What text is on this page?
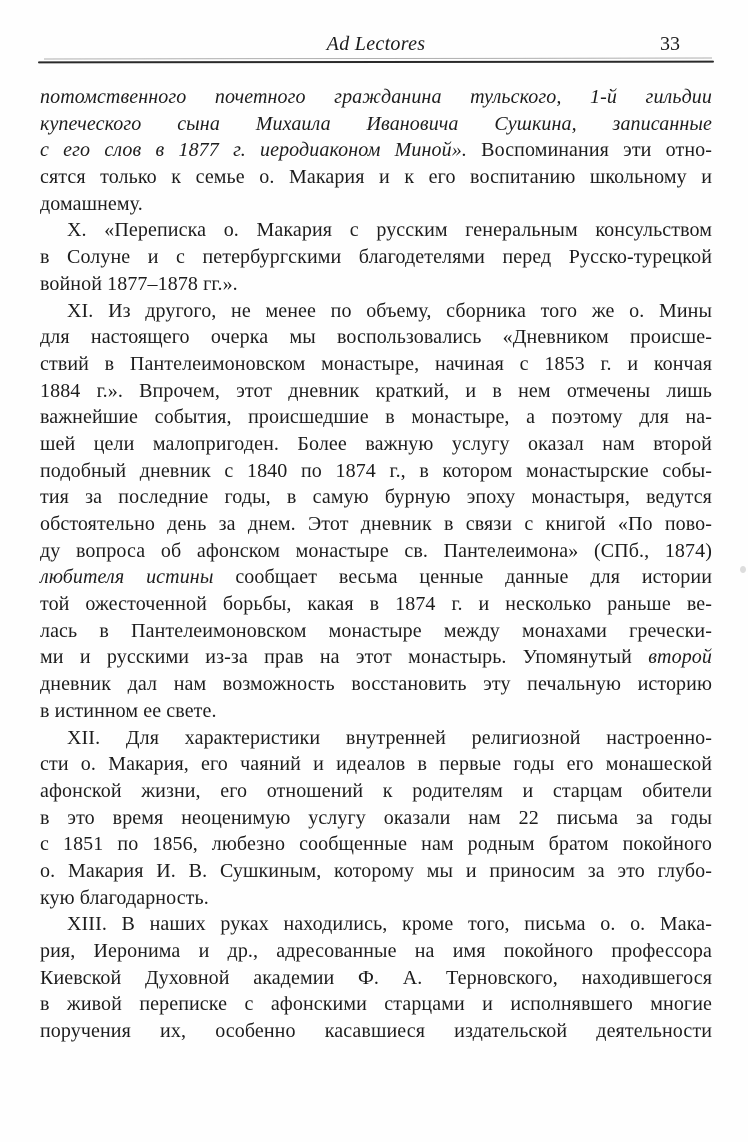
Ad Lectores	33
потомственного почетного гражданина тульского, 1-й гильдии
купеческого сына Михаила Ивановича Сушкина, записанные
с его слов в 1877 г. иеродиаконом Миной». Воспоминания эти отно-
сятся только к семье о. Макария и к его воспитанию школьному и
домашнему.
X. «Переписка о. Макария с русским генеральным консульством
в Солуне и с петербургскими благодетелями перед Русско-турецкой
войной 1877–1878 гг.».
XI. Из другого, не менее по объему, сборника того же о. Мины
для настоящего очерка мы воспользовались «Дневником происше-
ствий в Пантелеимоновском монастыре, начиная с 1853 г. и кончая
1884 г.». Впрочем, этот дневник краткий, и в нем отмечены лишь
важнейшие события, происшедшие в монастыре, а поэтому для на-
шей цели малопригоден. Более важную услугу оказал нам второй
подобный дневник с 1840 по 1874 г., в котором монастырские собы-
тия за последние годы, в самую бурную эпоху монастыря, ведутся
обстоятельно день за днем. Этот дневник в связи с книгой «По пово-
ду вопроса об афонском монастыре св. Пантелеимона» (СПб., 1874)
любителя истины сообщает весьма ценные данные для истории
той ожесточенной борьбы, какая в 1874 г. и несколько раньше ве-
лась в Пантелеимоновском монастыре между монахами гречески-
ми и русскими из-за прав на этот монастырь. Упомянутый второй
дневник дал нам возможность восстановить эту печальную историю
в истинном ее свете.
XII. Для характеристики внутренней религиозной настроенно-
сти о. Макария, его чаяний и идеалов в первые годы его монашеской
афонской жизни, его отношений к родителям и старцам обители
в это время неоценимую услугу оказали нам 22 письма за годы
с 1851 по 1856, любезно сообщенные нам родным братом покойного
о. Макария И. В. Сушкиным, которому мы и приносим за это глубо-
кую благодарность.
XIII. В наших руках находились, кроме того, письма о. о. Мака-
рия, Иеронима и др., адресованные на имя покойного профессора
Киевской Духовной академии Ф. А. Терновского, находившегося
в живой переписке с афонскими старцами и исполнявшего многие
поручения их, особенно касавшиеся издательской деятельности
